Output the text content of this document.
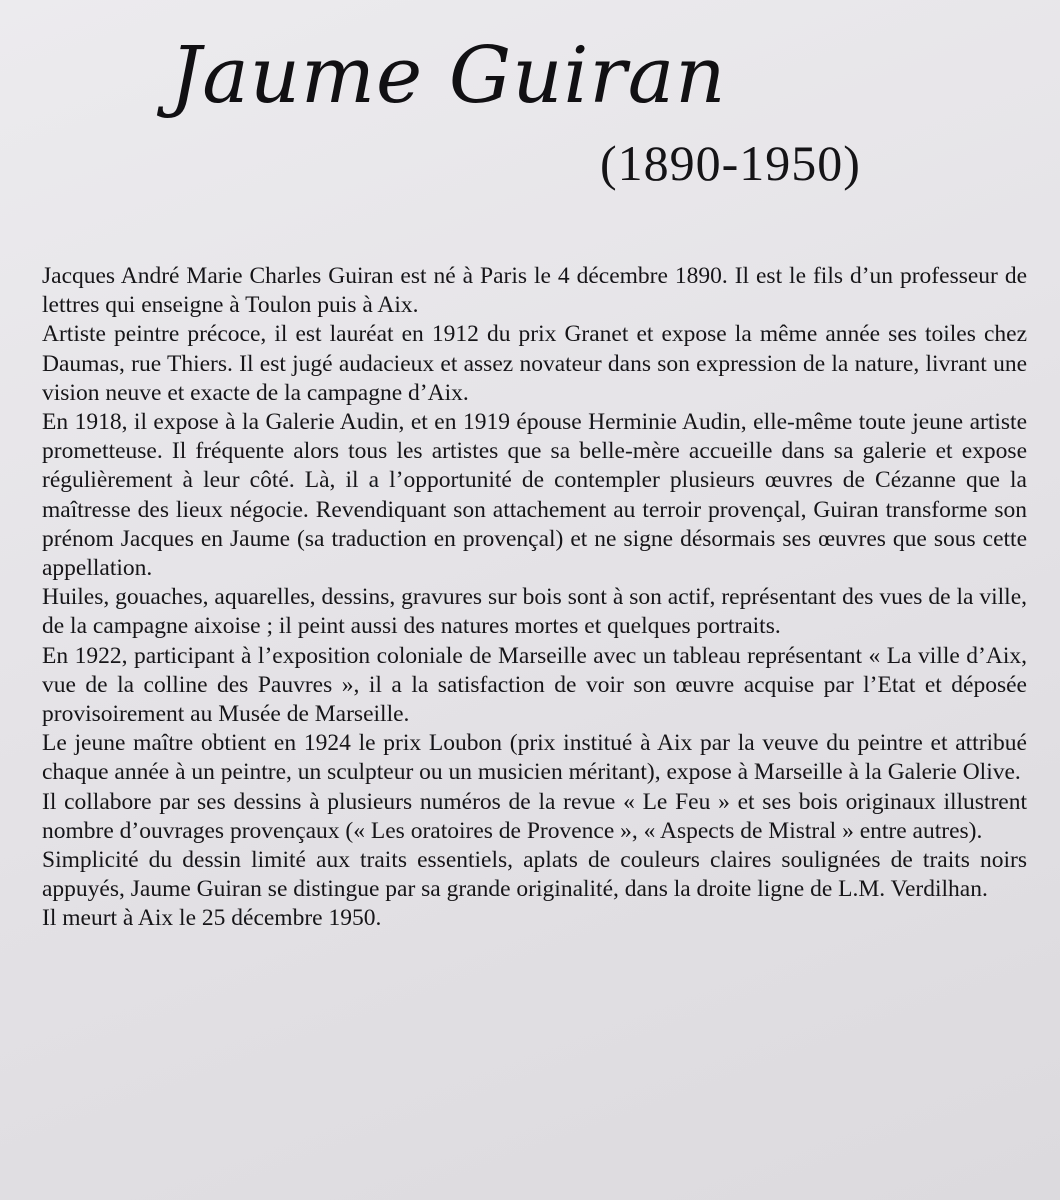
Jaume Guiran
(1890-1950)

Jacques André Marie Charles Guiran est né à Paris le 4 décembre 1890. Il est le fils d’un professeur de lettres qui enseigne à Toulon puis à Aix.

Artiste peintre précoce, il est lauréat en 1912 du prix Granet et expose la même année ses toiles chez Daumas, rue Thiers. Il est jugé audacieux et assez novateur dans son expression de la nature, livrant une vision neuve et exacte de la campagne d’Aix.

En 1918, il expose à la Galerie Audin, et en 1919 épouse Herminie Audin, elle-même toute jeune artiste prometteuse. Il fréquente alors tous les artistes que sa belle-mère accueille dans sa galerie et expose régulièrement à leur côté. Là, il a l’opportunité de contempler plusieurs œuvres de Cézanne que la maîtresse des lieux négocie. Revendiquant son attachement au terroir provençal, Guiran transforme son prénom Jacques en Jaume (sa traduction en provençal) et ne signe désormais ses œuvres que sous cette appellation.

Huiles, gouaches, aquarelles, dessins, gravures sur bois sont à son actif, représentant des vues de la ville, de la campagne aixoise ; il peint aussi des natures mortes et quelques portraits.

En 1922, participant à l’exposition coloniale de Marseille avec un tableau représentant « La ville d’Aix, vue de la colline des Pauvres », il a la satisfaction de voir son œuvre acquise par l’Etat et déposée provisoirement au Musée de Marseille.

Le jeune maître obtient en 1924 le prix Loubon (prix institué à Aix par la veuve du peintre et attribué chaque année à un peintre, un sculpteur ou un musicien méritant), expose à Marseille à la Galerie Olive.

Il collabore par ses dessins à plusieurs numéros de la revue « Le Feu » et ses bois originaux illustrent nombre d’ouvrages provençaux (« Les oratoires de Provence », « Aspects de Mistral » entre autres).

Simplicité du dessin limité aux traits essentiels, aplats de couleurs claires soulignées de traits noirs appuyés, Jaume Guiran se distingue par sa grande originalité, dans la droite ligne de L.M. Verdilhan.

Il meurt à Aix le 25 décembre 1950.
